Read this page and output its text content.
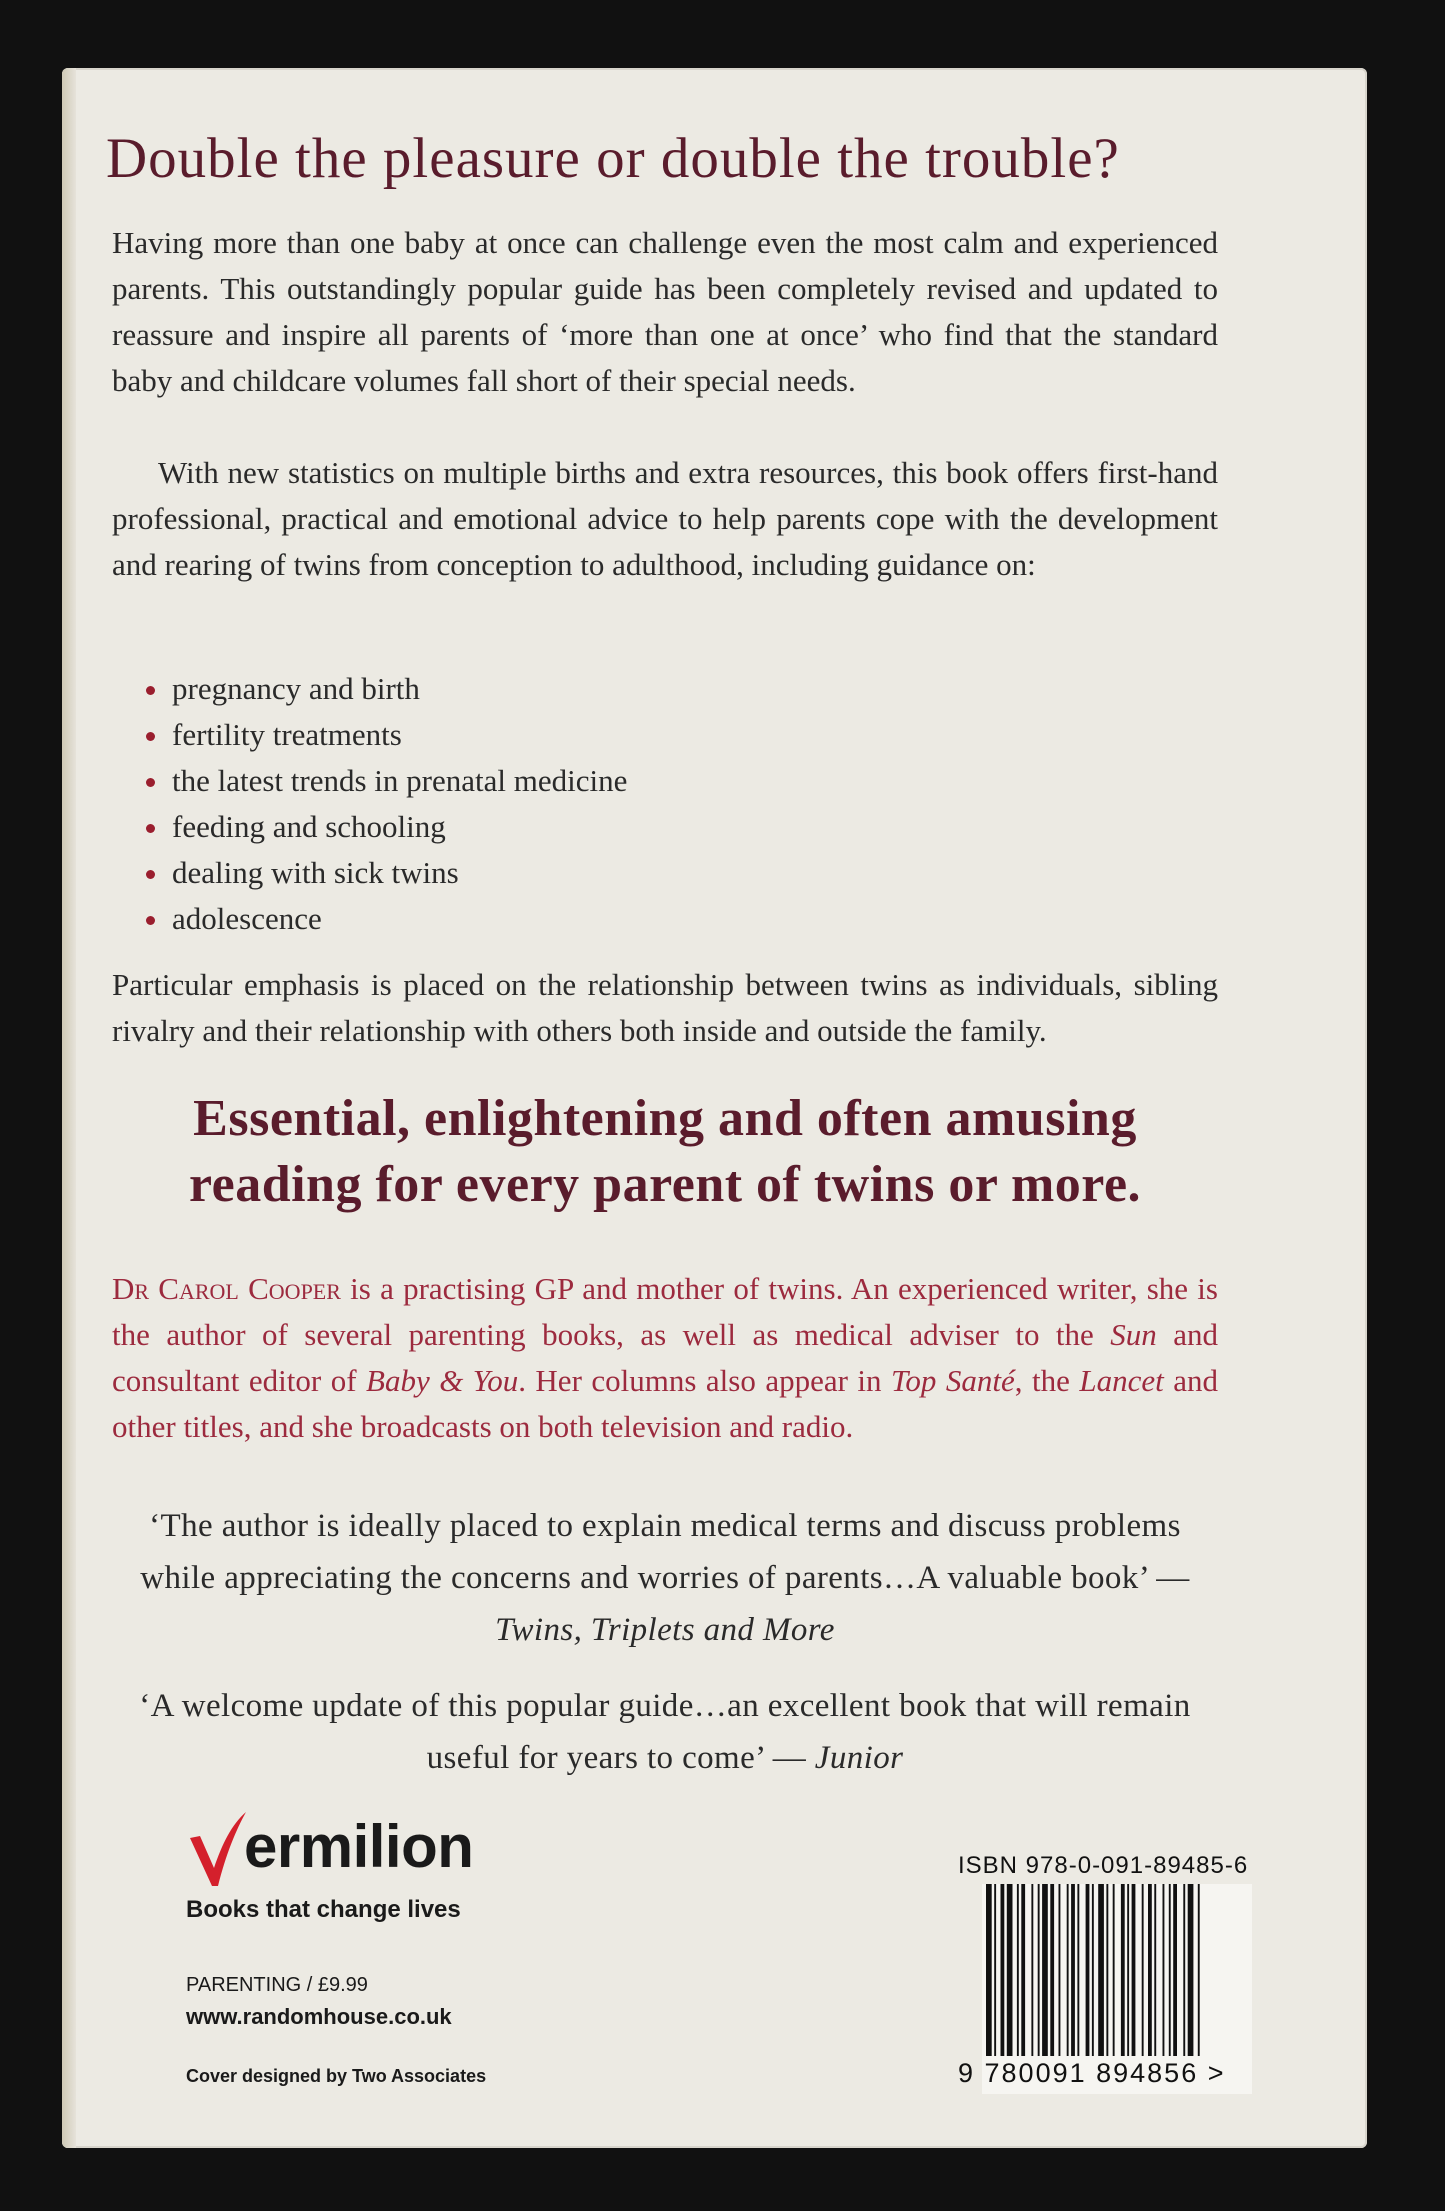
Double the pleasure or double the trouble?

Having more than one baby at once can challenge even the most calm and experienced parents. This outstandingly popular guide has been completely revised and updated to reassure and inspire all parents of ‘more than one at once’ who find that the standard baby and childcare volumes fall short of their special needs.

With new statistics on multiple births and extra resources, this book offers first-hand professional, practical and emotional advice to help parents cope with the development and rearing of twins from conception to adulthood, including guidance on:

pregnancy and birth
fertility treatments
the latest trends in prenatal medicine
feeding and schooling
dealing with sick twins
adolescence

Particular emphasis is placed on the relationship between twins as individuals, sibling rivalry and their relationship with others both inside and outside the family.

Essential, enlightening and often amusing reading for every parent of twins or more.

Dr Carol Cooper is a practising GP and mother of twins. An experienced writer, she is the author of several parenting books, as well as medical adviser to the Sun and consultant editor of Baby & You. Her columns also appear in Top Santé, the Lancet and other titles, and she broadcasts on both television and radio.

‘The author is ideally placed to explain medical terms and discuss problems while appreciating the concerns and worries of parents…A valuable book’ — Twins, Triplets and More

‘A welcome update of this popular guide…an excellent book that will remain useful for years to come’ — Junior

ermilion
Books that change lives
PARENTING / £9.99
www.randomhouse.co.uk
Cover designed by Two Associates
ISBN 978-0-091-89485-6
9 780091 894856 >
